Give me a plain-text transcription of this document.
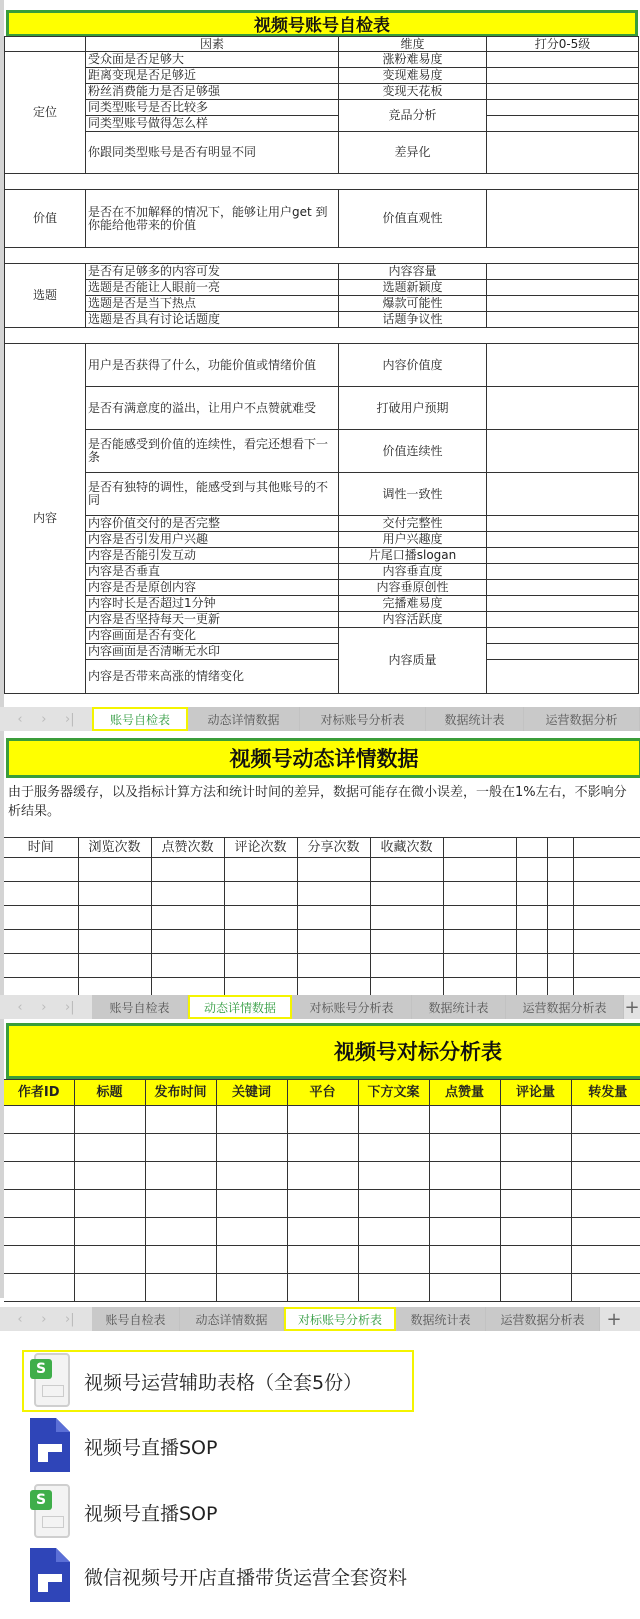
视频号账号自检表
	因素	维度	打分0-5级
定位	受众面是否足够大	涨粉难易度	
	距离变现是否足够近	变现难易度	
	粉丝消费能力是否足够强	变现天花板	
	同类型账号是否比较多	竞品分析	
	同类型账号做得怎么样		
	你跟同类型账号是否有明显不同	差异化	

价值	是否在不加解释的情况下，能够让用户get 到你能给他带来的价值	价值直观性	

选题	是否有足够多的内容可发	内容容量	
	选题是否能让人眼前一亮	选题新颖度	
	选题是否是当下热点	爆款可能性	
	选题是否具有讨论话题度	话题争议性	

内容	用户是否获得了什么，功能价值或情绪价值	内容价值度	
	是否有满意度的溢出，让用户不点赞就难受	打破用户预期	
	是否能感受到价值的连续性，看完还想看下一条	价值连续性	
	是否有独特的调性，能感受到与其他账号的不同	调性一致性	
	内容价值交付的是否完整	交付完整性	
	内容是否引发用户兴趣	用户兴趣度	
	内容是否能引发互动	片尾口播slogan	
	内容是否垂直	内容垂直度	
	内容是否是原创内容	内容垂原创性	
	内容时长是否超过1分钟	完播难易度	
	内容是否坚持每天一更新	内容活跃度	
	内容画面是否有变化	内容质量	
	内容画面是否清晰无水印		
	内容是否带来高涨的情绪变化		
‹ › ›|	账号自检表	动态详情数据	对标账号分析表	数据统计表	运营数据分析
视频号动态详情数据
由于服务器缓存，以及指标计算方法和统计时间的差异，数据可能存在微小误差，一般在1%左右，不影响分析结果。
时间	浏览次数	点赞次数	评论次数	分享次数	收藏次数				

‹ › ›|	账号自检表	动态详情数据	对标账号分析表	数据统计表	运营数据分析表 +
视频号对标分析表
作者ID	标题	发布时间	关键词	平台	下方文案	点赞量	评论量	转发量

‹ › ›|	账号自检表	动态详情数据	对标账号分析表	数据统计表	运营数据分析表	+
S
视频号运营辅助表格（全套5份）
视频号直播SOP
S
视频号直播SOP
微信视频号开店直播带货运营全套资料
